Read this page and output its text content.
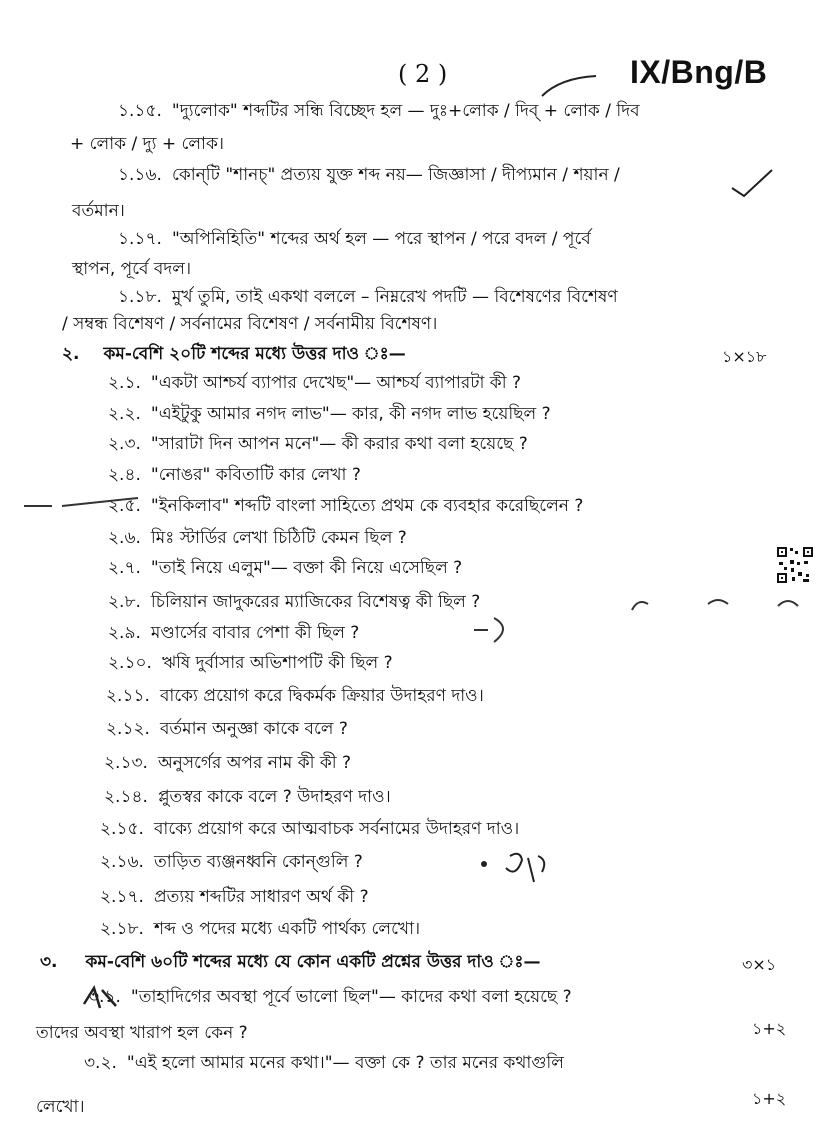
( 2 )	IX/Bng/B
১.১৫. "দ্যুলোক" শব্দটির সন্ধি বিচ্ছেদ হল — দুঃ+লোক / দিব্‌ + লোক / দিব
+ লোক / দ্যু + লোক।
১.১৬. কোন্‌টি "শানচ্" প্রত্যয় যুক্ত শব্দ নয়— জিজ্ঞাসা / দীপ্যমান / শয়ান /
বর্তমান।
১.১৭. "অপিনিহিতি" শব্দের অর্থ হল — পরে স্থাপন / পরে বদল / পূর্বে
স্থাপন, পূর্বে বদল।
১.১৮. মুর্খ তুমি, তাই একথা বললে – নিম্নরেখ পদটি — বিশেষণের বিশেষণ
/ সম্বন্ধ বিশেষণ / সর্বনামের বিশেষণ / সর্বনামীয় বিশেষণ।
২. কম-বেশি ২০টি শব্দের মধ্যে উত্তর দাও ঃ—	১×১৮
২.১. "একটা আশ্চর্য ব্যাপার দেখেছ"— আশ্চর্য ব্যাপারটা কী ?
২.২. "এইটুকু আমার নগদ লাভ"— কার, কী নগদ লাভ হয়েছিল ?
২.৩. "সারাটা দিন আপন মনে"— কী করার কথা বলা হয়েছে ?
২.৪. "নোঙর" কবিতাটি কার লেখা ?
২.৫. "ইনকিলাব" শব্দটি বাংলা সাহিত্যে প্রথম কে ব্যবহার করেছিলেন ?
২.৬. মিঃ স্টার্ডির লেখা চিঠিটি কেমন ছিল ?
২.৭. "তাই নিয়ে এলুম"— বক্তা কী নিয়ে এসেছিল ?
২.৮. চিলিয়ান জাদুকরের ম্যাজিকের বিশেষত্ব কী ছিল ?
২.৯. মণ্ডার্সের বাবার পেশা কী ছিল ?
২.১০. ঋষি দুর্বাসার অভিশাপটি কী ছিল ?
২.১১. বাক্যে প্রয়োগ করে দ্বিকর্মক ক্রিয়ার উদাহরণ দাও।
২.১২. বর্তমান অনুজ্ঞা কাকে বলে ?
২.১৩. অনুসর্গের অপর নাম কী কী ?
২.১৪. প্লুতস্বর কাকে বলে ? উদাহরণ দাও।
২.১৫. বাক্যে প্রয়োগ করে আত্মবাচক সর্বনামের উদাহরণ দাও।
২.১৬. তাড়িত ব্যঞ্জনধ্বনি কোন্‌গুলি ?
২.১৭. প্রত্যয় শব্দটির সাধারণ অর্থ কী ?
২.১৮. শব্দ ও পদের মধ্যে একটি পার্থক্য লেখো।
৩. কম-বেশি ৬০টি শব্দের মধ্যে যে কোন একটি প্রশ্নের উত্তর দাও ঃ—	৩×১
৩.১. "তাহাদিগের অবস্থা পূর্বে ভালো ছিল"— কাদের কথা বলা হয়েছে ?
তাদের অবস্থা খারাপ হল কেন ?	১+২
৩.২. "এই হলো আমার মনের কথা।"— বক্তা কে ? তার মনের কথাগুলি
লেখো।	১+২
